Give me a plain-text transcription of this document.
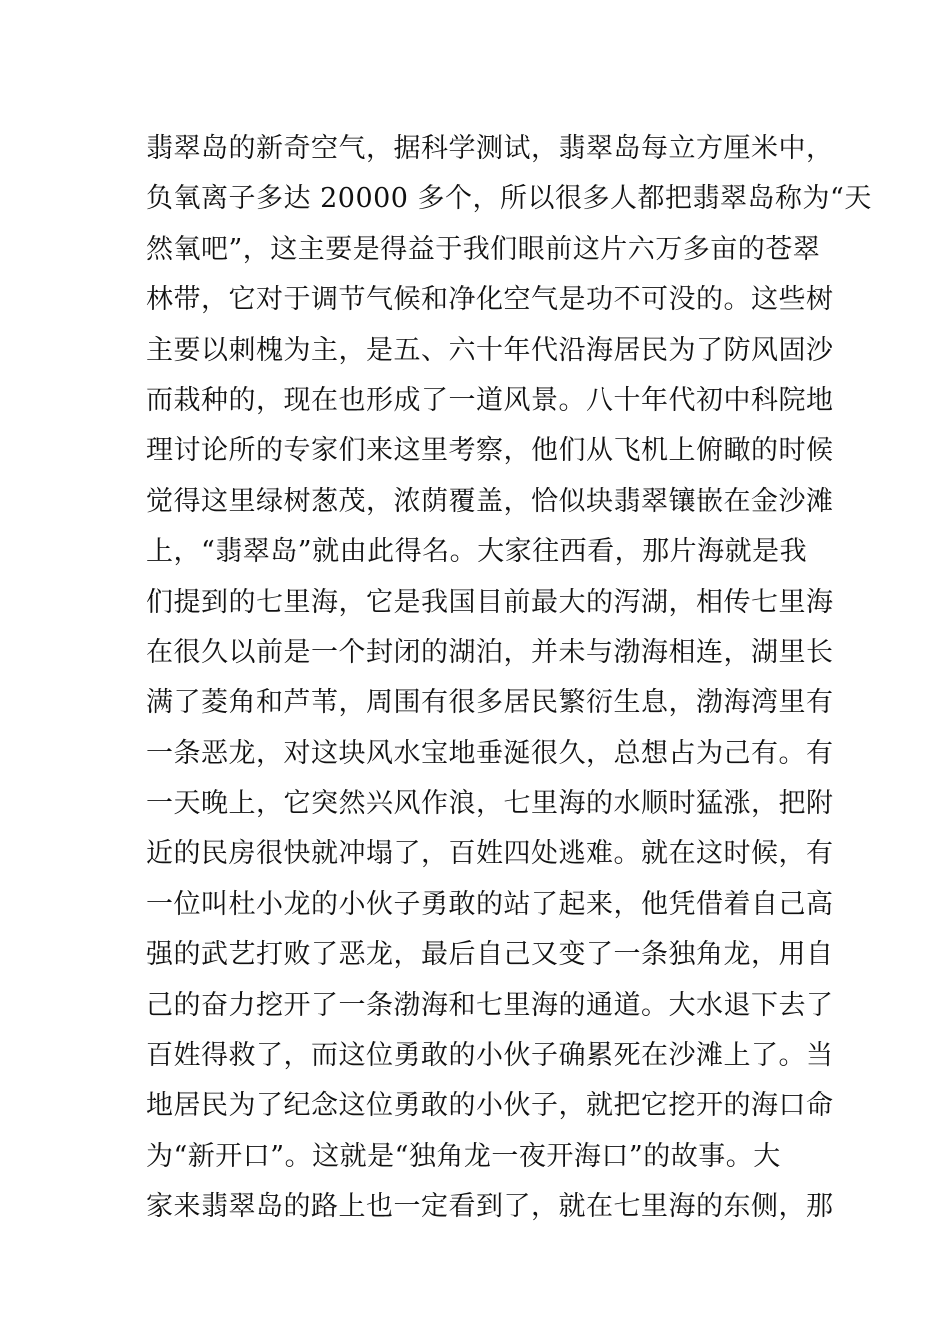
翡翠岛的新奇空气，据科学测试，翡翠岛每立方厘米中，
负氧离子多达 20000 多个，所以很多人都把翡翠岛称为“天
然氧吧”，这主要是得益于我们眼前这片六万多亩的苍翠
林带，它对于调节气候和净化空气是功不可没的。这些树
主要以刺槐为主，是五、六十年代沿海居民为了防风固沙
而栽种的，现在也形成了一道风景。八十年代初中科院地
理讨论所的专家们来这里考察，他们从飞机上俯瞰的时候
觉得这里绿树葱茂，浓荫覆盖，恰似块翡翠镶嵌在金沙滩
上，“翡翠岛”就由此得名。大家往西看，那片海就是我
们提到的七里海，它是我国目前最大的泻湖，相传七里海
在很久以前是一个封闭的湖泊，并未与渤海相连，湖里长
满了菱角和芦苇，周围有很多居民繁衍生息，渤海湾里有
一条恶龙，对这块风水宝地垂涎很久，总想占为己有。有
一天晚上，它突然兴风作浪，七里海的水顺时猛涨，把附
近的民房很快就冲塌了，百姓四处逃难。就在这时候，有
一位叫杜小龙的小伙子勇敢的站了起来，他凭借着自己高
强的武艺打败了恶龙，最后自己又变了一条独角龙，用自
己的奋力挖开了一条渤海和七里海的通道。大水退下去了
百姓得救了，而这位勇敢的小伙子确累死在沙滩上了。当
地居民为了纪念这位勇敢的小伙子，就把它挖开的海口命
为“新开口”。这就是“独角龙一夜开海口”的故事。大
家来翡翠岛的路上也一定看到了，就在七里海的东侧，那
